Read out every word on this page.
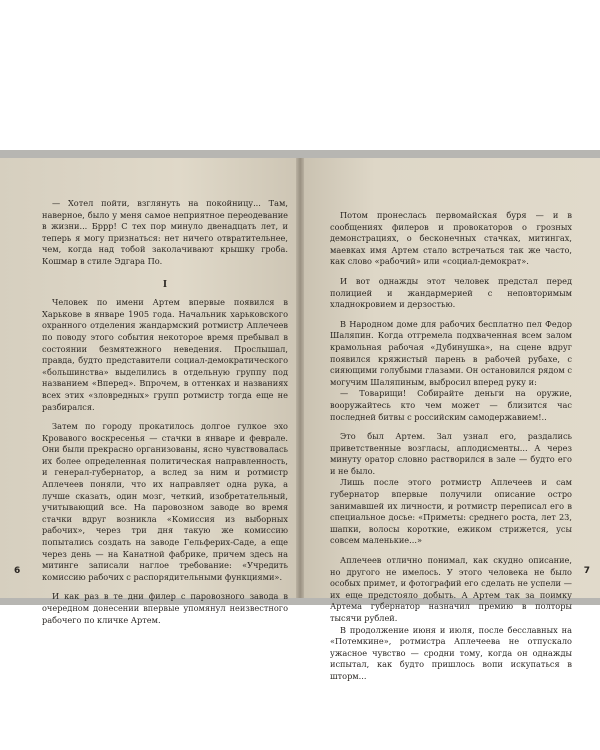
— Хотел пойти, взглянуть на покойницу... Там, наверное, было у меня самое неприятное переодевание в жизни... Бррр! С тех пор минуло двенадцать лет, и теперь я могу признаться: нет ничего отвратительнее, чем, когда над тобой заколачивают крышку гроба. Кошмар в стиле Эдгара По.

I

Человек по имени Артем впервые появился в Харькове в январе 1905 года. Начальник харьковского охранного отделения жандармский ротмистр Аплечеев по поводу этого события некоторое время пребывал в состоянии безмятежного неведения. Прослышал, правда, будто представители социал-демократического «большинства» выделились в отдельную группу под названием «Вперед». Впрочем, в оттенках и названиях всех этих «зловредных» групп ротмистр тогда еще не разбирался.

Затем по городу прокатилось долгое гулкое эхо Кровавого воскресенья — стачки в январе и феврале. Они были прекрасно организованы, ясно чувствовалась их более определенная политическая направленность, и генерал-губернатор, а вслед за ним и ротмистр Аплечеев поняли, что их направляет одна рука, а лучше сказать, один мозг, четкий, изобретательный, учитывающий все. На паровозном заводе во время стачки вдруг возникла «Комиссия из выборных рабочих», через три дня такую же комиссию попытались создать на заводе Гельферих-Саде, а еще через день — на Канатной фабрике, причем здесь на митинге записали наглое требование: «Учредить комиссию рабочих с распорядительными функциями».

И как раз в те дни филер с паровозного завода в очередном донесении впервые упомянул неизвестного рабочего по кличке Артем.

6

Потом пронеслась первомайская буря — и в сообщениях филеров и провокаторов о грозных демонстрациях, о бесконечных стачках, митингах, маевках имя Артем стало встречаться так же часто, как слово «рабочий» или «социал-демократ».

И вот однажды этот человек предстал перед полицией и жандармерией с неповторимым хладнокровием и дерзостью.

В Народном доме для рабочих бесплатно пел Федор Шаляпин. Когда отгремела подхваченная всем залом крамольная рабочая «Дубинушка», на сцене вдруг появился кряжистый парень в рабочей рубахе, с сияющими голубыми глазами. Он остановился рядом с могучим Шаляпиным, выбросил вперед руку и:

— Товарищи! Собирайте деньги на оружие, вооружайтесь кто чем может — близится час последней битвы с российским самодержавием!..

Это был Артем. Зал узнал его, раздались приветственные возгласы, аплодисменты... А через минуту оратор словно растворился в зале — будто его и не было.

Лишь после этого ротмистр Аплечеев и сам губернатор впервые получили описание остро занимавшей их личности, и ротмистр переписал его в специальное досье: «Приметы: среднего роста, лет 23, шапки, волосы короткие, ежиком стрижется, усы совсем маленькие...»

Аплечеев отлично понимал, как скудно описание, но другого не имелось. У этого человека не было особых примет, и фотографий его сделать не успели — их еще предстояло добыть. А Артем так за поимку Артема губернатор назначил премию в полторы тысячи рублей.

В продолжение июня и июля, после бесславных на «Потемкине», ротмистра Аплечеева не отпускало ужасное чувство — сродни тому, когда он однажды испытал, как будто пришлось вопи искупаться в шторм...

7
